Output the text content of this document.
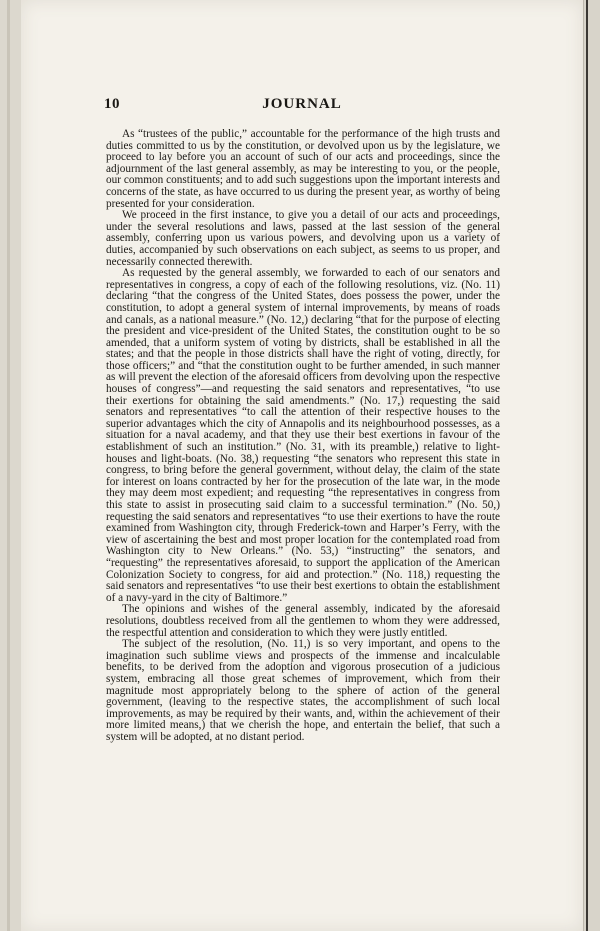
10	JOURNAL

As “trustees of the public,” accountable for the performance of the high trusts and duties committed to us by the constitution, or devolved upon us by the legislature, we proceed to lay before you an account of such of our acts and proceedings, since the adjournment of the last general assembly, as may be interesting to you, or the people, our common constituents; and to add such suggestions upon the important interests and concerns of the state, as have occurred to us during the present year, as worthy of being presented for your consideration.

We proceed in the first instance, to give you a detail of our acts and proceedings, under the several resolutions and laws, passed at the last session of the general assembly, conferring upon us various powers, and devolving upon us a variety of duties, accompanied by such observations on each subject, as seems to us proper, and necessarily connected therewith.

As requested by the general assembly, we forwarded to each of our senators and representatives in congress, a copy of each of the following resolutions, viz. (No. 11) declaring “that the congress of the United States, does possess the power, under the constitution, to adopt a general system of internal improvements, by means of roads and canals, as a national measure.” (No. 12,) declaring “that for the purpose of electing the president and vice-president of the United States, the constitution ought to be so amended, that a uniform system of voting by districts, shall be established in all the states; and that the people in those districts shall have the right of voting, directly, for those officers;” and “that the constitution ought to be further amended, in such manner as will prevent the election of the aforesaid officers from devolving upon the respective houses of congress”—and requesting the said senators and representatives, “to use their exertions for obtaining the said amendments.” (No. 17,) requesting the said senators and representatives “to call the attention of their respective houses to the superior advantages which the city of Annapolis and its neighbourhood possesses, as a situation for a naval academy, and that they use their best exertions in favour of the establishment of such an institution.” (No. 31, with its preamble,) relative to light-houses and light-boats. (No. 38,) requesting “the senators who represent this state in congress, to bring before the general government, without delay, the claim of the state for interest on loans contracted by her for the prosecution of the late war, in the mode they may deem most expedient; and requesting “the representatives in congress from this state to assist in prosecuting said claim to a successful termination.” (No. 50,) requesting the said senators and representatives “to use their exertions to have the route examined from Washington city, through Frederick-town and Harper’s Ferry, with the view of ascertaining the best and most proper location for the contemplated road from Washington city to New Orleans.” (No. 53,) “instructing” the senators, and “requesting” the representatives aforesaid, to support the application of the American Colonization Society to congress, for aid and protection.” (No. 118,) requesting the said senators and representatives “to use their best exertions to obtain the establishment of a navy-yard in the city of Baltimore.”

The opinions and wishes of the general assembly, indicated by the aforesaid resolutions, doubtless received from all the gentlemen to whom they were addressed, the respectful attention and consideration to which they were justly entitled.

The subject of the resolution, (No. 11,) is so very important, and opens to the imagination such sublime views and prospects of the immense and incalculable benefits, to be derived from the adoption and vigorous prosecution of a judicious system, embracing all those great schemes of improvement, which from their magnitude most appropriately belong to the sphere of action of the general government, (leaving to the respective states, the accomplishment of such local improvements, as may be required by their wants, and, within the achievement of their more limited means,) that we cherish the hope, and entertain the belief, that such a system will be adopted, at no distant period.
